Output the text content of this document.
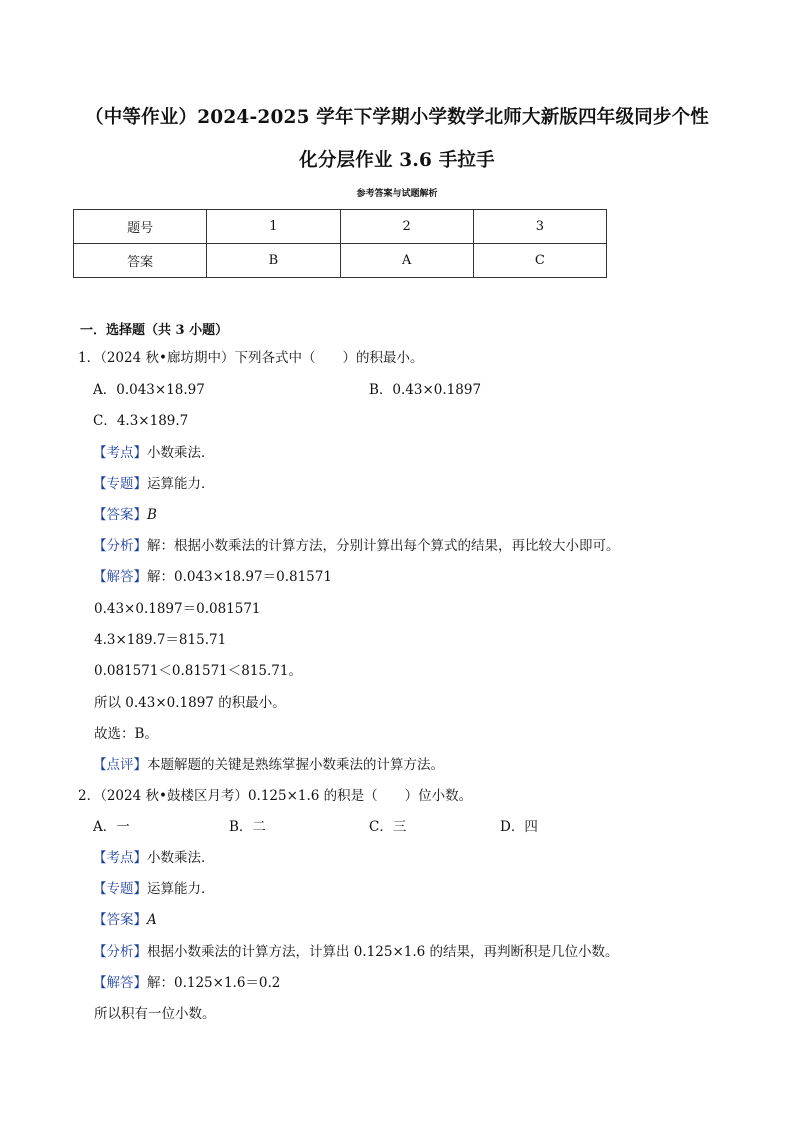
（中等作业）2024-2025 学年下学期小学数学北师大新版四年级同步个性
化分层作业 3.6 手拉手
参考答案与试题解析
题号	1	2	3
答案	B	A	C
一．选择题（共 3 小题）
1．（2024 秋•廊坊期中）下列各式中（　　）的积最小。
A．0.043×18.97	B．0.43×0.1897
C．4.3×189.7
【考点】小数乘法．
【专题】运算能力．
【答案】B
【分析】解：根据小数乘法的计算方法，分别计算出每个算式的结果，再比较大小即可。
【解答】解：0.043×18.97＝0.81571
0.43×0.1897＝0.081571
4.3×189.7＝815.71
0.081571＜0.81571＜815.71。
所以 0.43×0.1897 的积最小。
故选：B。
【点评】本题解题的关键是熟练掌握小数乘法的计算方法。
2．（2024 秋•鼓楼区月考）0.125×1.6 的积是（　　）位小数。
A．一	B．二	C．三	D．四
【考点】小数乘法．
【专题】运算能力．
【答案】A
【分析】根据小数乘法的计算方法，计算出 0.125×1.6 的结果，再判断积是几位小数。
【解答】解：0.125×1.6＝0.2
所以积有一位小数。
